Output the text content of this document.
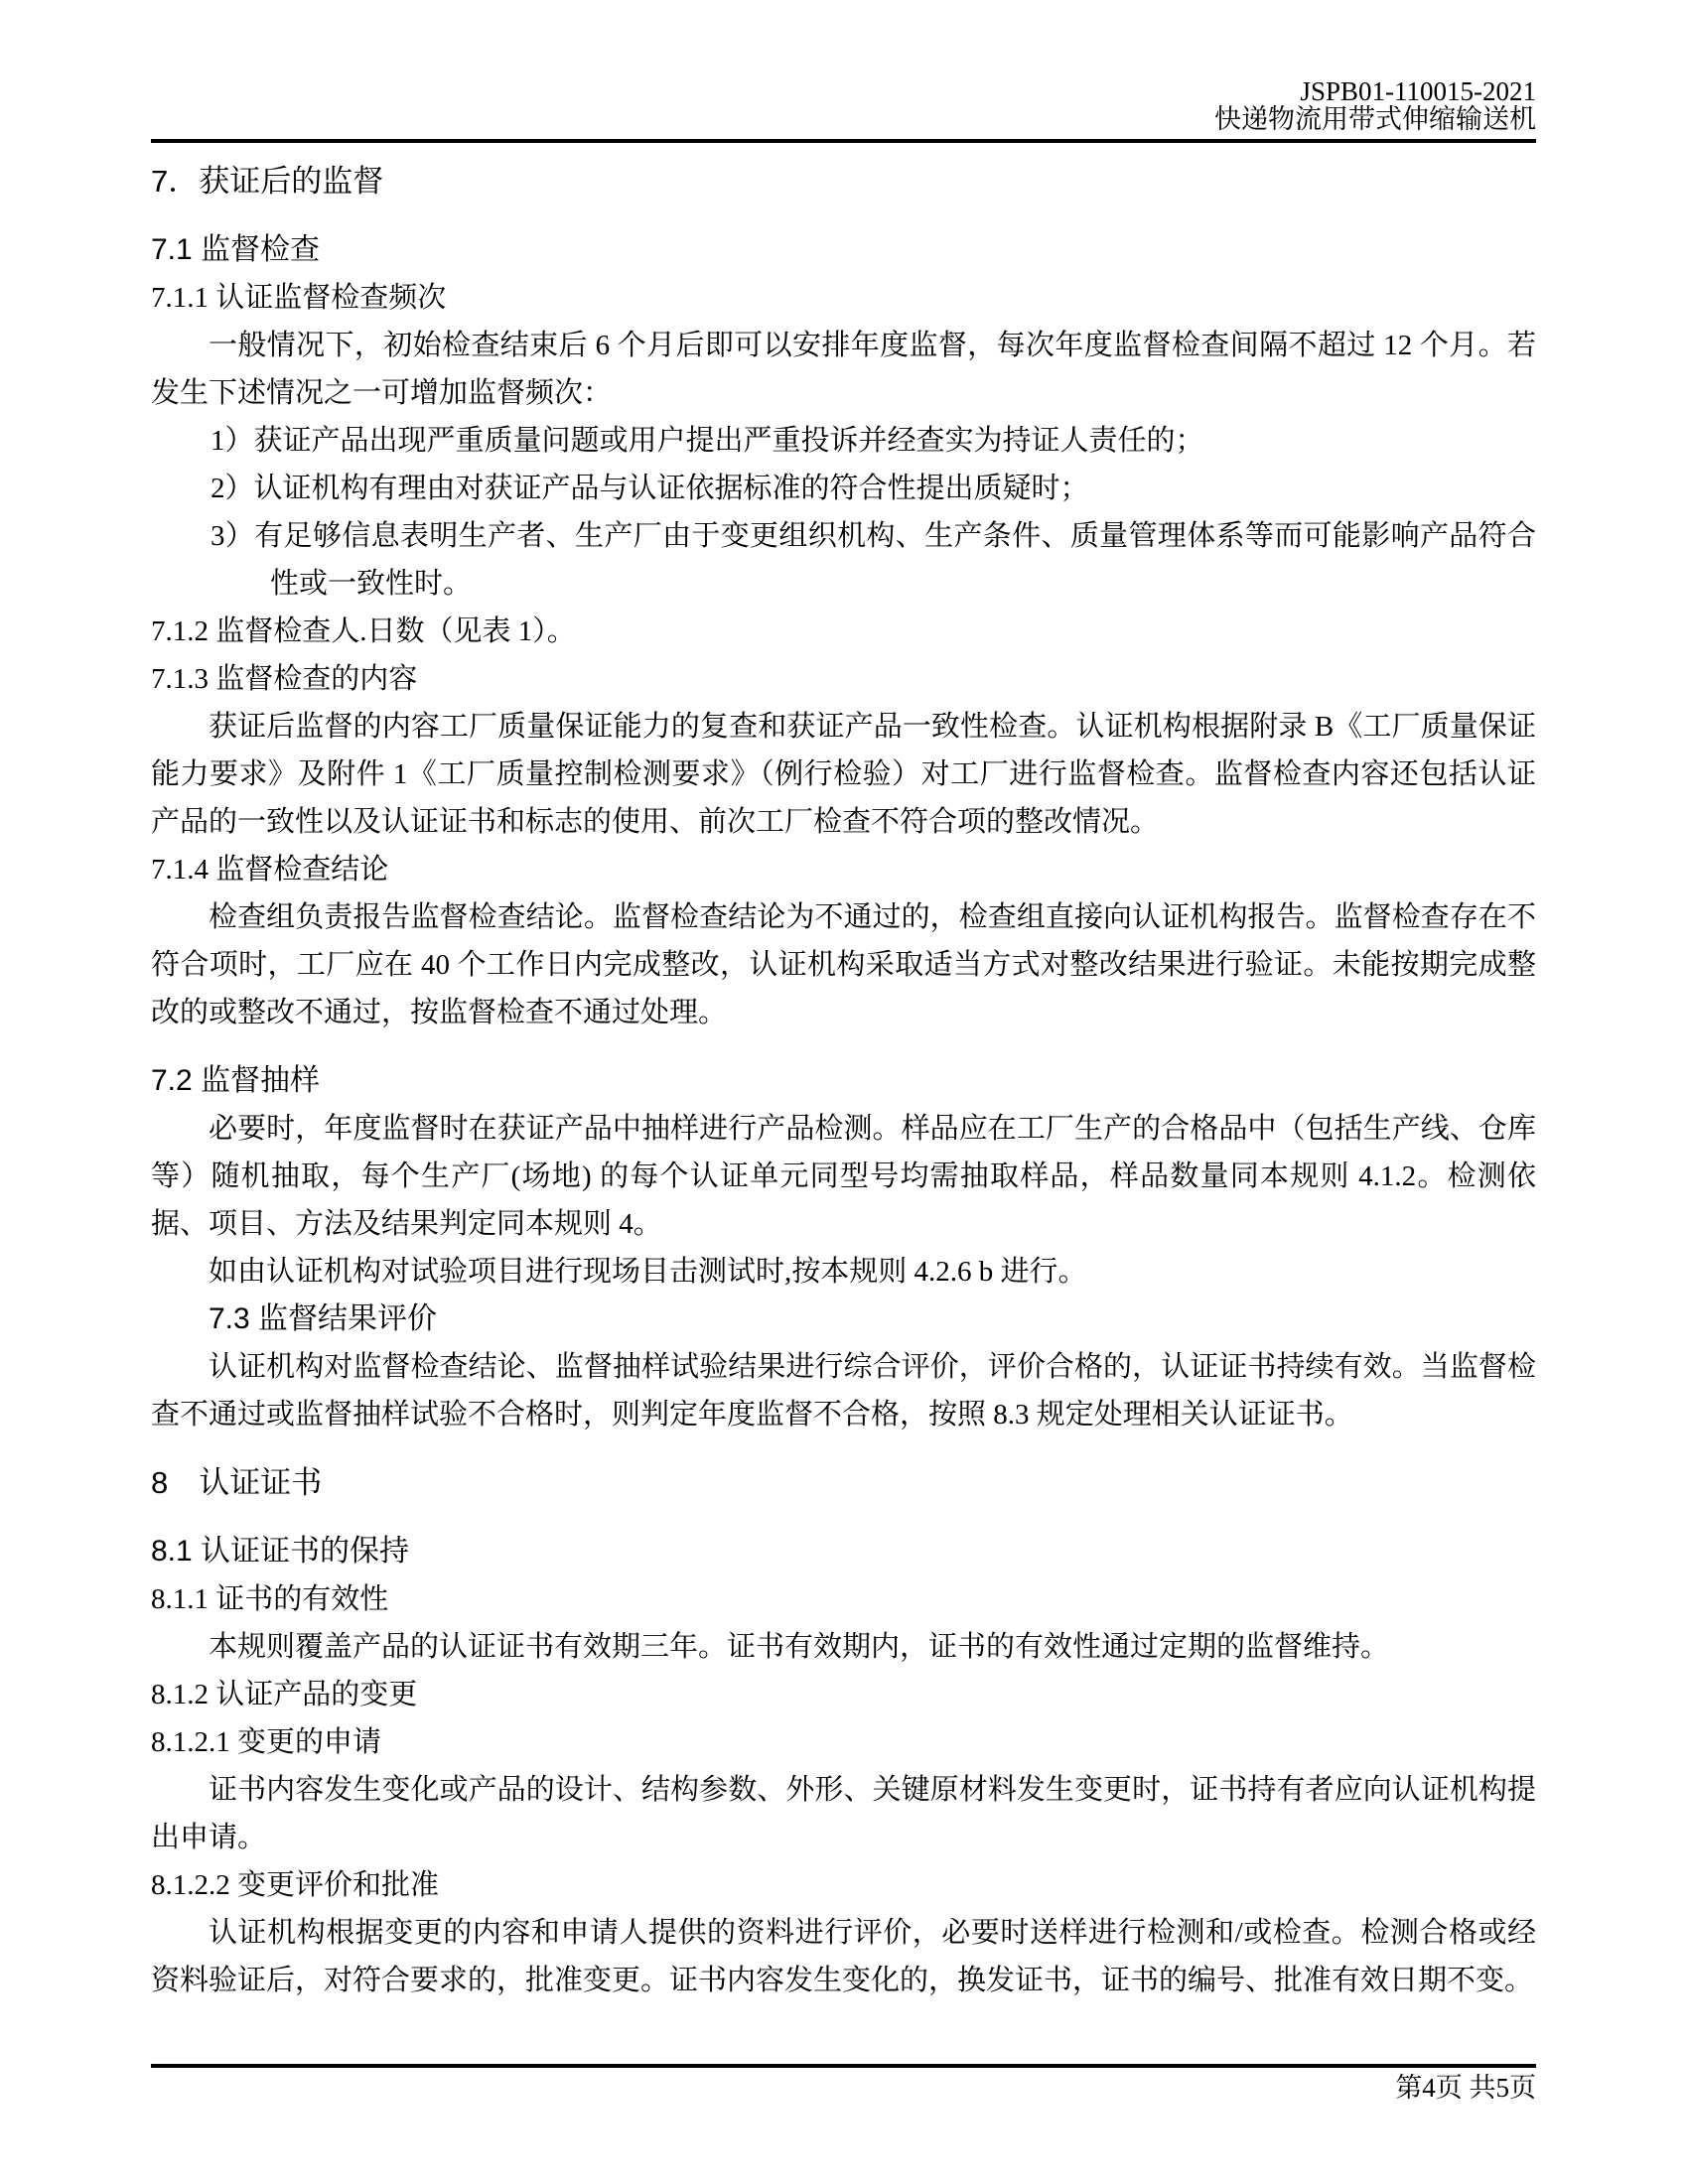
JSPB01-110015-2021
快递物流用带式伸缩输送机
7．获证后的监督
7.1 监督检查

7.1.1 认证监督检查频次

一般情况下，初始检查结束后 6 个月后即可以安排年度监督，每次年度监督检查间隔不超过 12 个月。若发生下述情况之一可增加监督频次：

1）获证产品出现严重质量问题或用户提出严重投诉并经查实为持证人责任的；

2）认证机构有理由对获证产品与认证依据标准的符合性提出质疑时；

3）有足够信息表明生产者、生产厂由于变更组织机构、生产条件、质量管理体系等而可能影响产品符合性或一致性时。

7.1.2 监督检查人.日数（见表 1）。

7.1.3 监督检查的内容

获证后监督的内容工厂质量保证能力的复查和获证产品一致性检查。认证机构根据附录 B《工厂质量保证能力要求》及附件 1《工厂质量控制检测要求》（例行检验）对工厂进行监督检查。监督检查内容还包括认证产品的一致性以及认证证书和标志的使用、前次工厂检查不符合项的整改情况。

7.1.4 监督检查结论

检查组负责报告监督检查结论。监督检查结论为不通过的，检查组直接向认证机构报告。监督检查存在不符合项时，工厂应在 40 个工作日内完成整改，认证机构采取适当方式对整改结果进行验证。未能按期完成整改的或整改不通过，按监督检查不通过处理。

7.2 监督抽样

必要时，年度监督时在获证产品中抽样进行产品检测。样品应在工厂生产的合格品中（包括生产线、仓库等）随机抽取，每个生产厂(场地) 的每个认证单元同型号均需抽取样品，样品数量同本规则 4.1.2。检测依据、项目、方法及结果判定同本规则 4。

如由认证机构对试验项目进行现场目击测试时,按本规则 4.2.6 b 进行。

7.3 监督结果评价

认证机构对监督检查结论、监督抽样试验结果进行综合评价，评价合格的，认证证书持续有效。当监督检查不通过或监督抽样试验不合格时，则判定年度监督不合格，按照 8.3 规定处理相关认证证书。

8　认证证书
8.1 认证证书的保持

8.1.1 证书的有效性

本规则覆盖产品的认证证书有效期三年。证书有效期内，证书的有效性通过定期的监督维持。

8.1.2 认证产品的变更

8.1.2.1 变更的申请

证书内容发生变化或产品的设计、结构参数、外形、关键原材料发生变更时，证书持有者应向认证机构提出申请。

8.1.2.2 变更评价和批准

认证机构根据变更的内容和申请人提供的资料进行评价，必要时送样进行检测和/或检查。检测合格或经资料验证后，对符合要求的，批准变更。证书内容发生变化的，换发证书，证书的编号、批准有效日期不变。

第4页 共5页
